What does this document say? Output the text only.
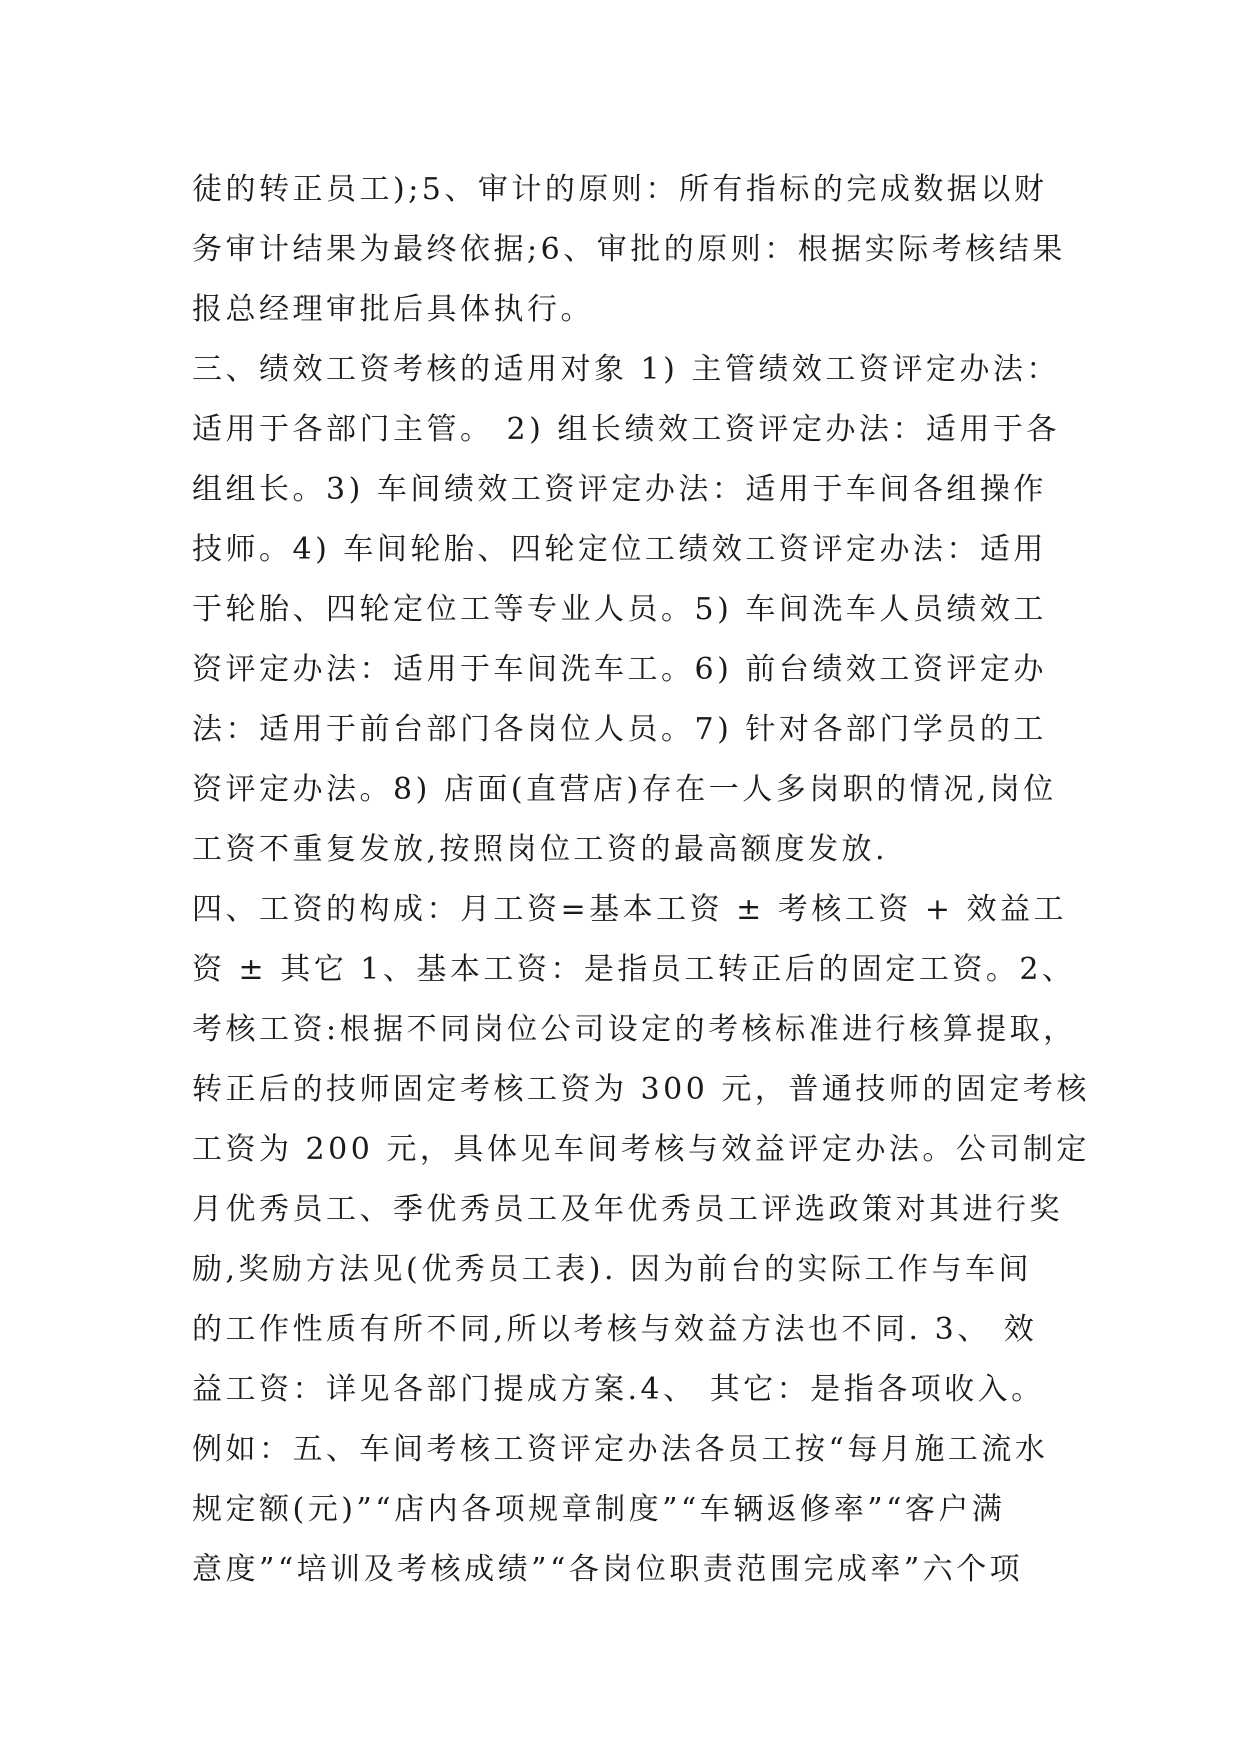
徒的转正员工);5、审计的原则：所有指标的完成数据以财
务审计结果为最终依据;6、审批的原则：根据实际考核结果
报总经理审批后具体执行。
三、绩效工资考核的适用对象 1) 主管绩效工资评定办法：
适用于各部门主管。 2) 组长绩效工资评定办法：适用于各
组组长。3) 车间绩效工资评定办法：适用于车间各组操作
技师。4) 车间轮胎、四轮定位工绩效工资评定办法：适用
于轮胎、四轮定位工等专业人员。5) 车间洗车人员绩效工
资评定办法：适用于车间洗车工。6) 前台绩效工资评定办
法：适用于前台部门各岗位人员。7) 针对各部门学员的工
资评定办法。8) 店面(直营店)存在一人多岗职的情况,岗位
工资不重复发放,按照岗位工资的最高额度发放.
四、工资的构成：月工资=基本工资 ± 考核工资 + 效益工
资 ± 其它 1、基本工资：是指员工转正后的固定工资。2、
考核工资:根据不同岗位公司设定的考核标准进行核算提取，
转正后的技师固定考核工资为 300 元，普通技师的固定考核
工资为 200 元，具体见车间考核与效益评定办法。公司制定
月优秀员工、季优秀员工及年优秀员工评选政策对其进行奖
励,奖励方法见(优秀员工表). 因为前台的实际工作与车间
的工作性质有所不同,所以考核与效益方法也不同. 3、 效
益工资：详见各部门提成方案.4、 其它：是指各项收入。
例如：五、车间考核工资评定办法各员工按“每月施工流水
规定额(元)”“店内各项规章制度”“车辆返修率”“客户满
意度”“培训及考核成绩”“各岗位职责范围完成率”六个项
